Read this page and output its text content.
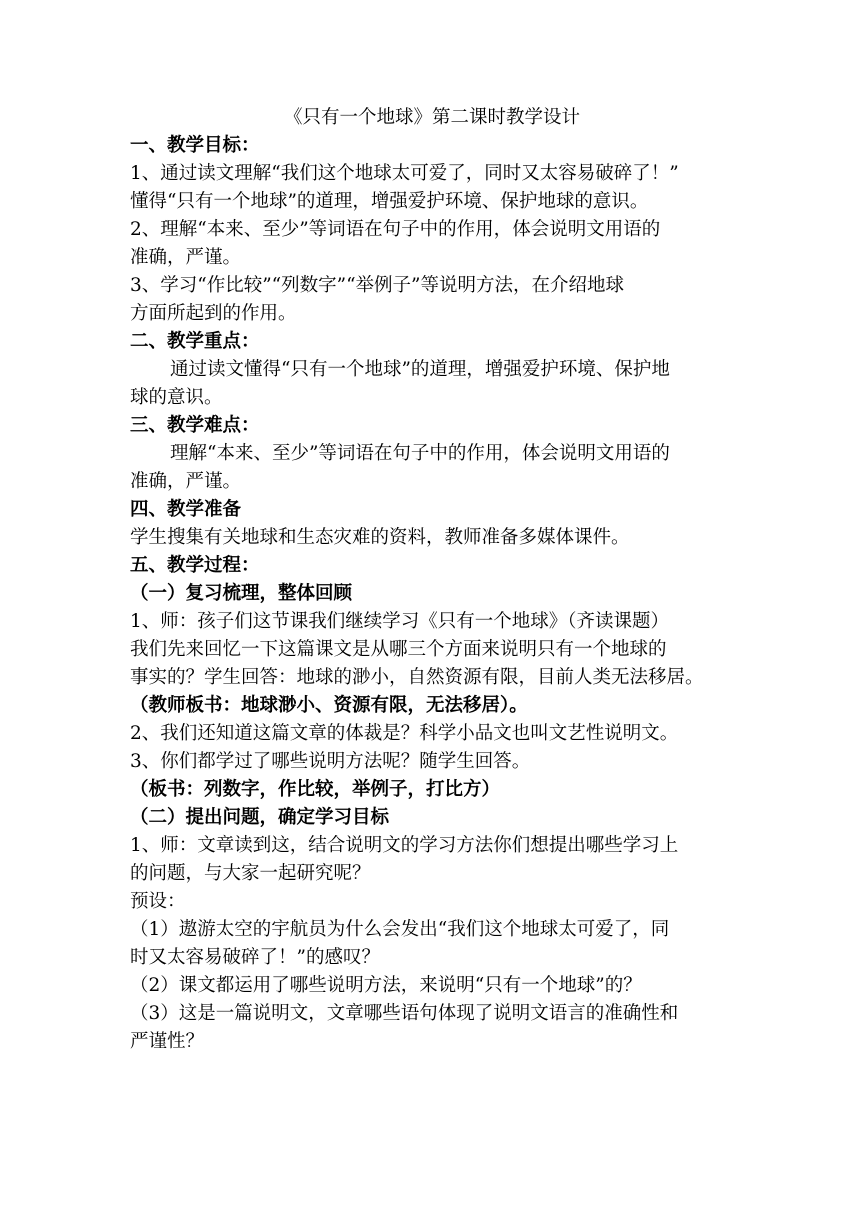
《只有一个地球》第二课时教学设计
一、教学目标：
1、通过读文理解“我们这个地球太可爱了，同时又太容易破碎了！”
懂得“只有一个地球”的道理，增强爱护环境、保护地球的意识。
2、理解“本来、至少”等词语在句子中的作用，体会说明文用语的
准确，严谨。
3、学习“作比较”“列数字”“举例子”等说明方法，在介绍地球
方面所起到的作用。
二、教学重点：
通过读文懂得“只有一个地球”的道理，增强爱护环境、保护地
球的意识。
三、教学难点：
理解“本来、至少”等词语在句子中的作用，体会说明文用语的
准确，严谨。
四、教学准备
学生搜集有关地球和生态灾难的资料，教师准备多媒体课件。
五、教学过程：
（一）复习梳理，整体回顾
1、师：孩子们这节课我们继续学习《只有一个地球》（齐读课题）
我们先来回忆一下这篇课文是从哪三个方面来说明只有一个地球的
事实的？学生回答：地球的渺小，自然资源有限，目前人类无法移居。
（教师板书：地球渺小、资源有限，无法移居）。
2、我们还知道这篇文章的体裁是？科学小品文也叫文艺性说明文。
3、你们都学过了哪些说明方法呢？随学生回答。
（板书：列数字，作比较，举例子，打比方）
（二）提出问题，确定学习目标
1、师：文章读到这，结合说明文的学习方法你们想提出哪些学习上
的问题，与大家一起研究呢？
预设：
（1）遨游太空的宇航员为什么会发出“我们这个地球太可爱了，同
时又太容易破碎了！”的感叹？
（2）课文都运用了哪些说明方法，来说明“只有一个地球”的？
（3）这是一篇说明文，文章哪些语句体现了说明文语言的准确性和
严谨性？
